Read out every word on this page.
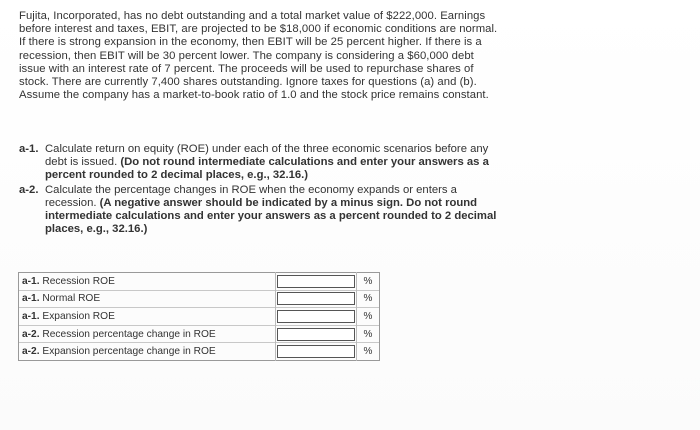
Fujita, Incorporated, has no debt outstanding and a total market value of $222,000. Earnings before interest and taxes, EBIT, are projected to be $18,000 if economic conditions are normal. If there is strong expansion in the economy, then EBIT will be 25 percent higher. If there is a recession, then EBIT will be 30 percent lower. The company is considering a $60,000 debt issue with an interest rate of 7 percent. The proceeds will be used to repurchase shares of stock. There are currently 7,400 shares outstanding. Ignore taxes for questions (a) and (b). Assume the company has a market-to-book ratio of 1.0 and the stock price remains constant.

a-1. Calculate return on equity (ROE) under each of the three economic scenarios before any debt is issued. (Do not round intermediate calculations and enter your answers as a percent rounded to 2 decimal places, e.g., 32.16.)
a-2. Calculate the percentage changes in ROE when the economy expands or enters a recession. (A negative answer should be indicated by a minus sign. Do not round intermediate calculations and enter your answers as a percent rounded to 2 decimal places, e.g., 32.16.)
a-1. Recession ROE		%
a-1. Normal ROE		%
a-1. Expansion ROE		%
a-2. Recession percentage change in ROE		%
a-2. Expansion percentage change in ROE		%
